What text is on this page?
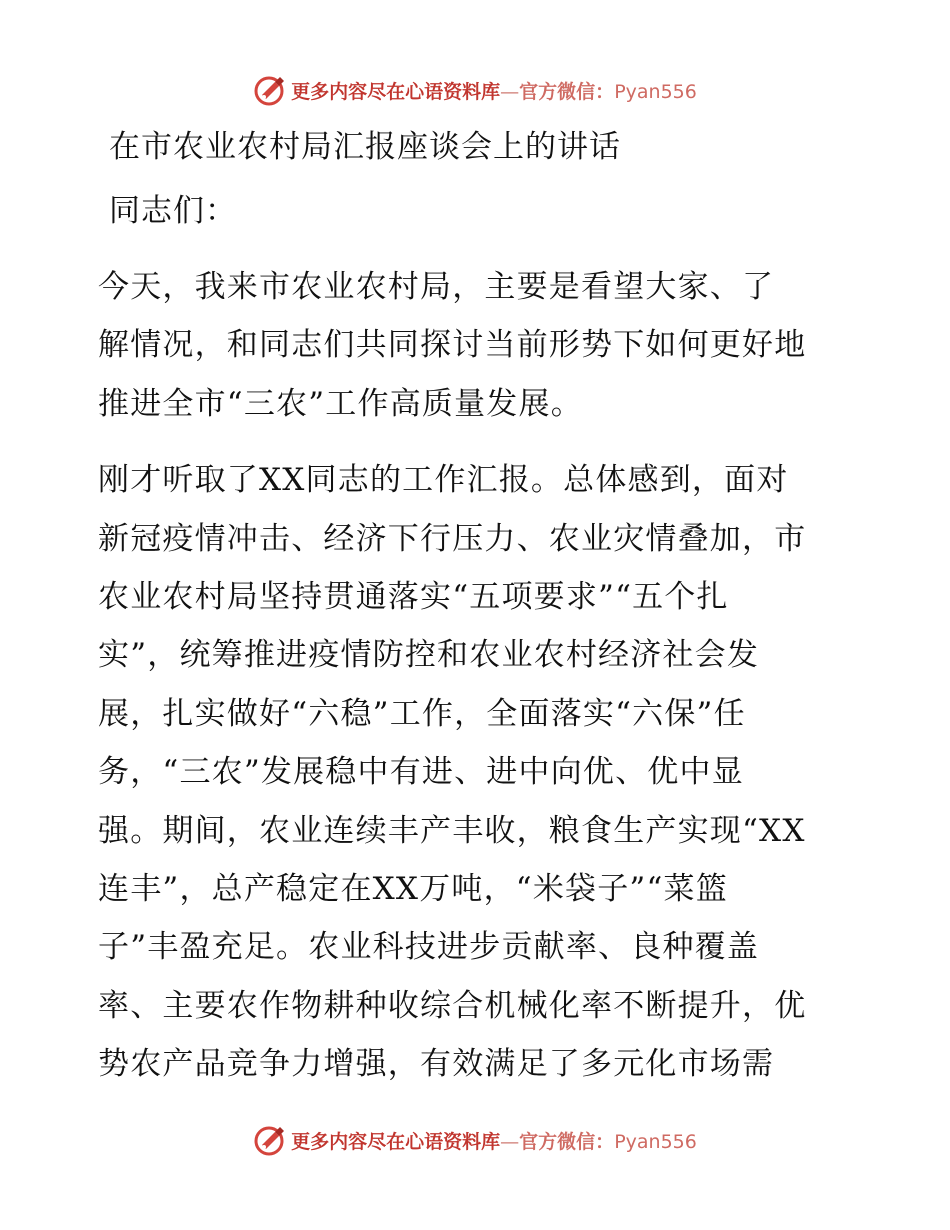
更多内容尽在心语资料库—官方微信：Pyan556

在市农业农村局汇报座谈会上的讲话

同志们：

今天，我来市农业农村局，主要是看望大家、了
解情况，和同志们共同探讨当前形势下如何更好地
推进全市“三农”工作高质量发展。

刚才听取了XX同志的工作汇报。总体感到，面对
新冠疫情冲击、经济下行压力、农业灾情叠加，市
农业农村局坚持贯通落实“五项要求”“五个扎
实”，统筹推进疫情防控和农业农村经济社会发
展，扎实做好“六稳”工作，全面落实“六保”任
务，“三农”发展稳中有进、进中向优、优中显
强。期间，农业连续丰产丰收，粮食生产实现“XX
连丰”，总产稳定在XX万吨，“米袋子”“菜篮
子”丰盈充足。农业科技进步贡献率、良种覆盖
率、主要农作物耕种收综合机械化率不断提升，优
势农产品竞争力增强，有效满足了多元化市场需

更多内容尽在心语资料库—官方微信：Pyan556
